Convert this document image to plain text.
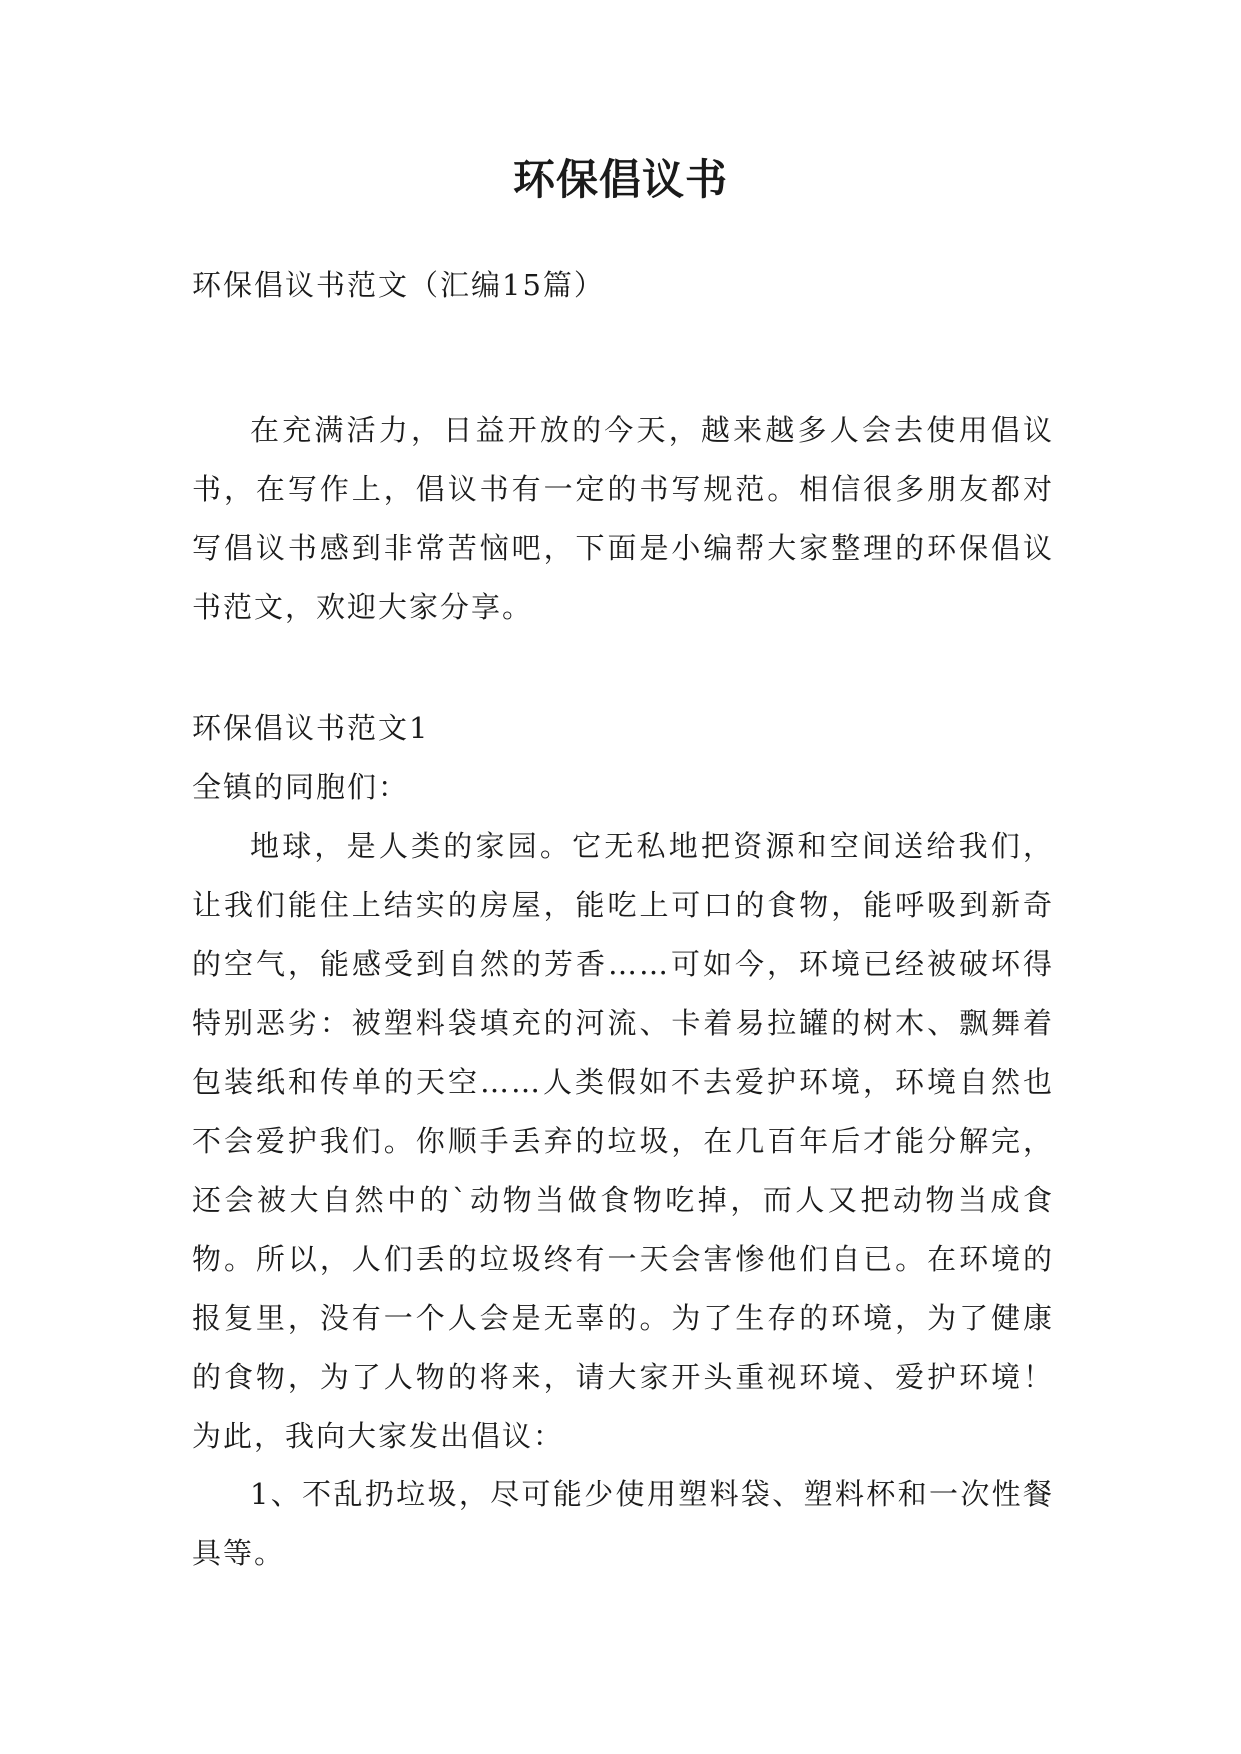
环保倡议书

环保倡议书范文（汇编15篇）

在充满活力，日益开放的今天，越来越多人会去使用倡议书，在写作上，倡议书有一定的书写规范。相信很多朋友都对写倡议书感到非常苦恼吧，下面是小编帮大家整理的环保倡议书范文，欢迎大家分享。

环保倡议书范文1

全镇的同胞们：

地球，是人类的家园。它无私地把资源和空间送给我们，让我们能住上结实的房屋，能吃上可口的食物，能呼吸到新奇的空气，能感受到自然的芳香……可如今，环境已经被破坏得特别恶劣：被塑料袋填充的河流、卡着易拉罐的树木、飘舞着包装纸和传单的天空……人类假如不去爱护环境，环境自然也不会爱护我们。你顺手丢弃的垃圾，在几百年后才能分解完，还会被大自然中的`动物当做食物吃掉，而人又把动物当成食物。所以，人们丢的垃圾终有一天会害惨他们自已。在环境的报复里，没有一个人会是无辜的。为了生存的环境，为了健康的食物，为了人物的将来，请大家开头重视环境、爱护环境！为此，我向大家发出倡议：

1、不乱扔垃圾，尽可能少使用塑料袋、塑料杯和一次性餐具等。
